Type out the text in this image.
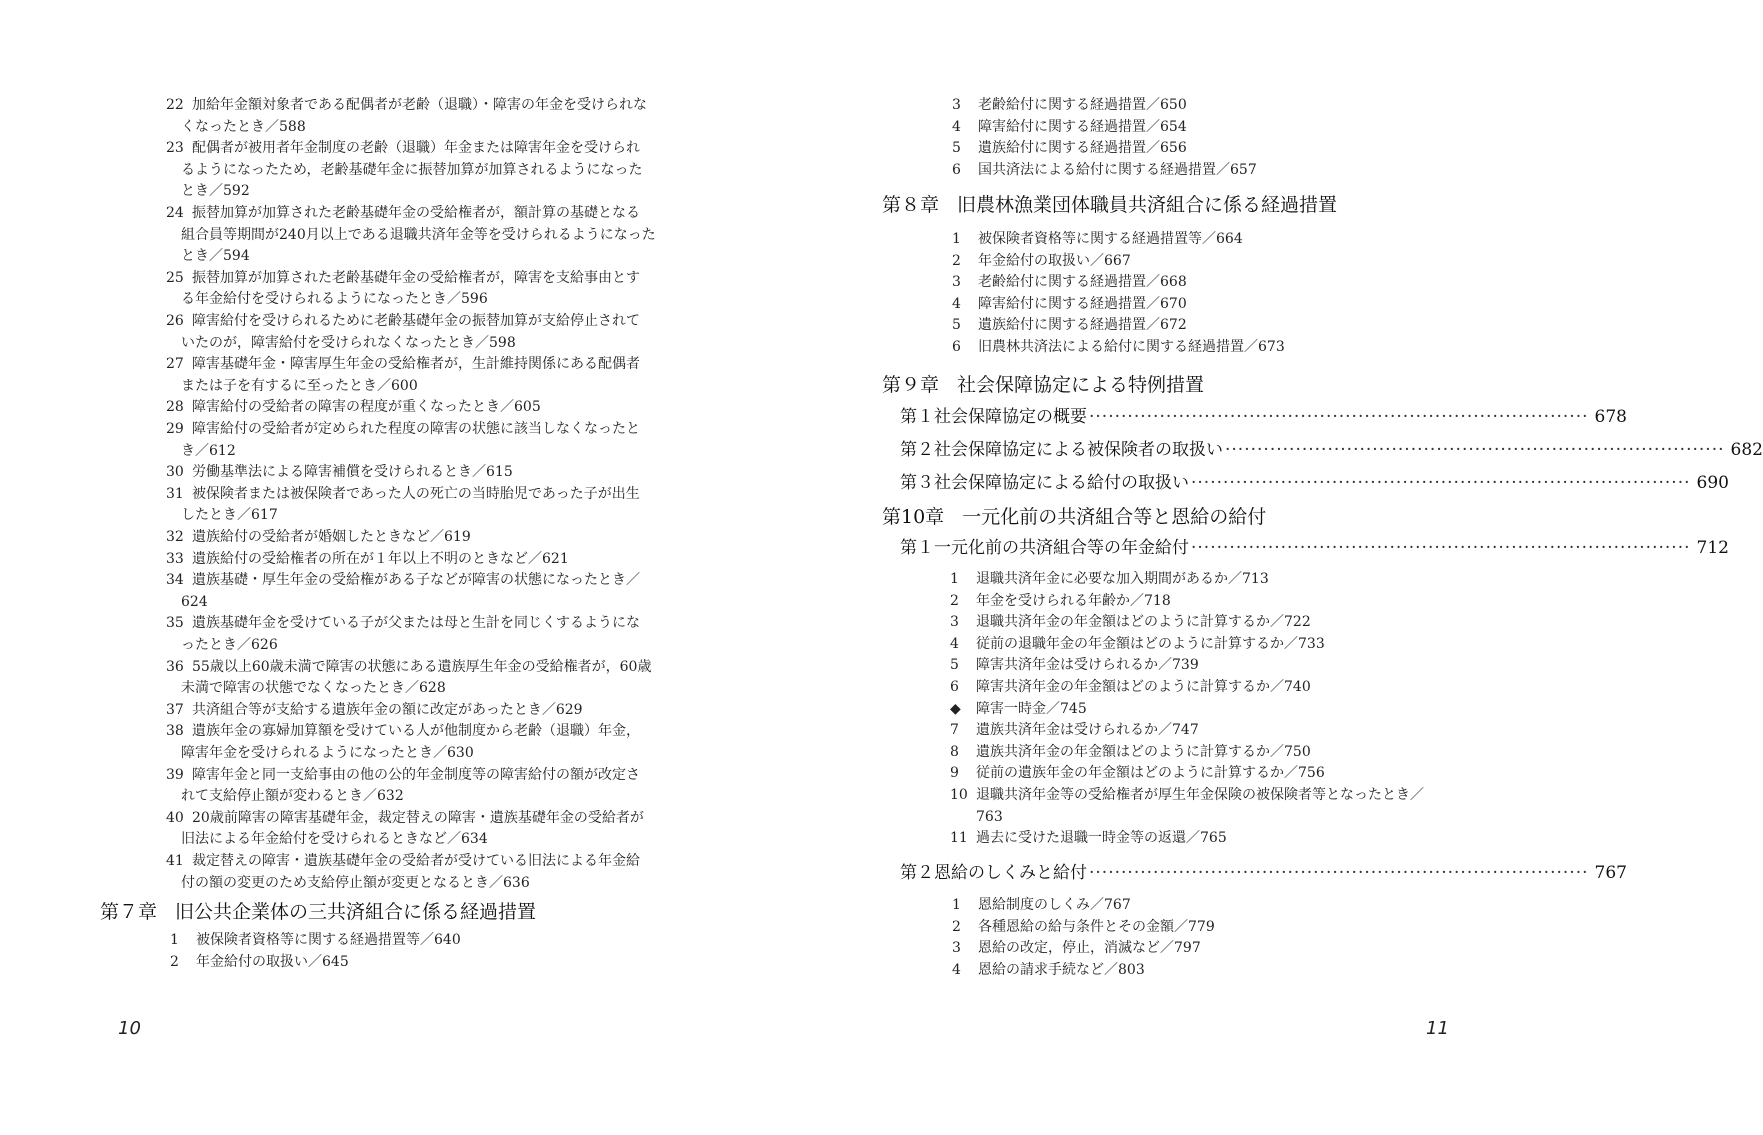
22 加給年金額対象者である配偶者が老齢（退職）・障害の年金を受けられな
くなったとき／588
23 配偶者が被用者年金制度の老齢（退職）年金または障害年金を受けられ
るようになったため，老齢基礎年金に振替加算が加算されるようになった
とき／592
24 振替加算が加算された老齢基礎年金の受給権者が，額計算の基礎となる
組合員等期間が240月以上である退職共済年金等を受けられるようになった
とき／594
25 振替加算が加算された老齢基礎年金の受給権者が，障害を支給事由とす
る年金給付を受けられるようになったとき／596
26 障害給付を受けられるために老齢基礎年金の振替加算が支給停止されて
いたのが，障害給付を受けられなくなったとき／598
27 障害基礎年金・障害厚生年金の受給権者が，生計維持関係にある配偶者
または子を有するに至ったとき／600
28 障害給付の受給者の障害の程度が重くなったとき／605
29 障害給付の受給者が定められた程度の障害の状態に該当しなくなったと
き／612
30 労働基準法による障害補償を受けられるとき／615
31 被保険者または被保険者であった人の死亡の当時胎児であった子が出生
したとき／617
32 遺族給付の受給者が婚姻したときなど／619
33 遺族給付の受給権者の所在が１年以上不明のときなど／621
34 遺族基礎・厚生年金の受給権がある子などが障害の状態になったとき／
624
35 遺族基礎年金を受けている子が父または母と生計を同じくするようにな
ったとき／626
36 55歳以上60歳未満で障害の状態にある遺族厚生年金の受給権者が，60歳
未満で障害の状態でなくなったとき／628
37 共済組合等が支給する遺族年金の額に改定があったとき／629
38 遺族年金の寡婦加算額を受けている人が他制度から老齢（退職）年金，
障害年金を受けられるようになったとき／630
39 障害年金と同一支給事由の他の公的年金制度等の障害給付の額が改定さ
れて支給停止額が変わるとき／632
40 20歳前障害の障害基礎年金，裁定替えの障害・遺族基礎年金の受給者が
旧法による年金給付を受けられるときなど／634
41 裁定替えの障害・遺族基礎年金の受給者が受けている旧法による年金給
付の額の変更のため支給停止額が変更となるとき／636
第７章 旧公共企業体の三共済組合に係る経過措置
1 被保険者資格等に関する経過措置等／640
2 年金給付の取扱い／645
10
3 老齢給付に関する経過措置／650
4 障害給付に関する経過措置／654
5 遺族給付に関する経過措置／656
6 国共済法による給付に関する経過措置／657
第８章 旧農林漁業団体職員共済組合に係る経過措置
1 被保険者資格等に関する経過措置等／664
2 年金給付の取扱い／667
3 老齢給付に関する経過措置／668
4 障害給付に関する経過措置／670
5 遺族給付に関する経過措置／672
6 旧農林共済法による給付に関する経過措置／673
第９章 社会保障協定による特例措置
第１ 社会保障協定の概要 ·············································································· 678
第２ 社会保障協定による被保険者の取扱い ·············································································· 682
第３ 社会保障協定による給付の取扱い ·············································································· 690
第10章 一元化前の共済組合等と恩給の給付
第１ 一元化前の共済組合等の年金給付 ·············································································· 712
1 退職共済年金に必要な加入期間があるか／713
2 年金を受けられる年齢か／718
3 退職共済年金の年金額はどのように計算するか／722
4 従前の退職年金の年金額はどのように計算するか／733
5 障害共済年金は受けられるか／739
6 障害共済年金の年金額はどのように計算するか／740
◆ 障害一時金／745
7 遺族共済年金は受けられるか／747
8 遺族共済年金の年金額はどのように計算するか／750
9 従前の遺族年金の年金額はどのように計算するか／756
10 退職共済年金等の受給権者が厚生年金保険の被保険者等となったとき／
763
11 過去に受けた退職一時金等の返還／765
第２ 恩給のしくみと給付 ·············································································· 767
1 恩給制度のしくみ／767
2 各種恩給の給与条件とその金額／779
3 恩給の改定，停止，消滅など／797
4 恩給の請求手続など／803
11
